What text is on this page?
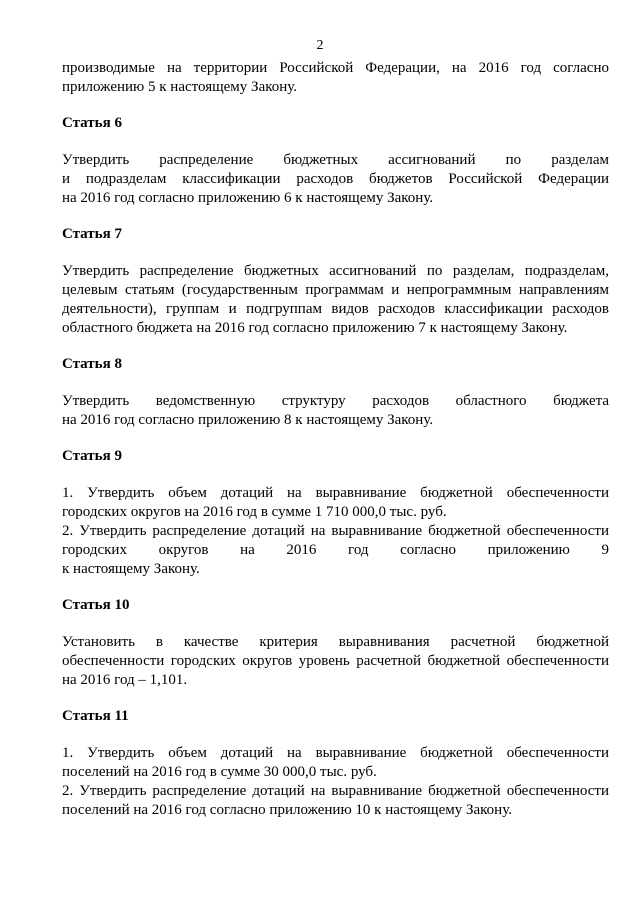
2

производимые на территории Российской Федерации, на 2016 год согласно

приложению 5 к настоящему Закону.

Статья 6

Утвердить распределение бюджетных ассигнований по разделам

и подразделам классификации расходов бюджетов Российской Федерации

на 2016 год согласно приложению 6 к настоящему Закону.

Статья 7

Утвердить распределение бюджетных ассигнований по разделам, подразделам,

целевым статьям (государственным программам и непрограммным направлениям

деятельности), группам и подгруппам видов расходов классификации расходов

областного бюджета на 2016 год согласно приложению 7 к настоящему Закону.

Статья 8

Утвердить ведомственную структуру расходов областного бюджета

на 2016 год согласно приложению 8 к настоящему Закону.

Статья 9

1. Утвердить объем дотаций на выравнивание бюджетной обеспеченности

городских округов на 2016 год в сумме 1 710 000,0 тыс. руб.

2. Утвердить распределение дотаций на выравнивание бюджетной обеспеченности

городских округов на 2016 год согласно приложению 9

к настоящему Закону.

Статья 10

Установить в качестве критерия выравнивания расчетной бюджетной

обеспеченности городских округов уровень расчетной бюджетной обеспеченности

на 2016 год – 1,101.

Статья 11

1. Утвердить объем дотаций на выравнивание бюджетной обеспеченности

поселений на 2016 год в сумме 30 000,0 тыс. руб.

2. Утвердить распределение дотаций на выравнивание бюджетной обеспеченности

поселений на 2016 год согласно приложению 10 к настоящему Закону.
